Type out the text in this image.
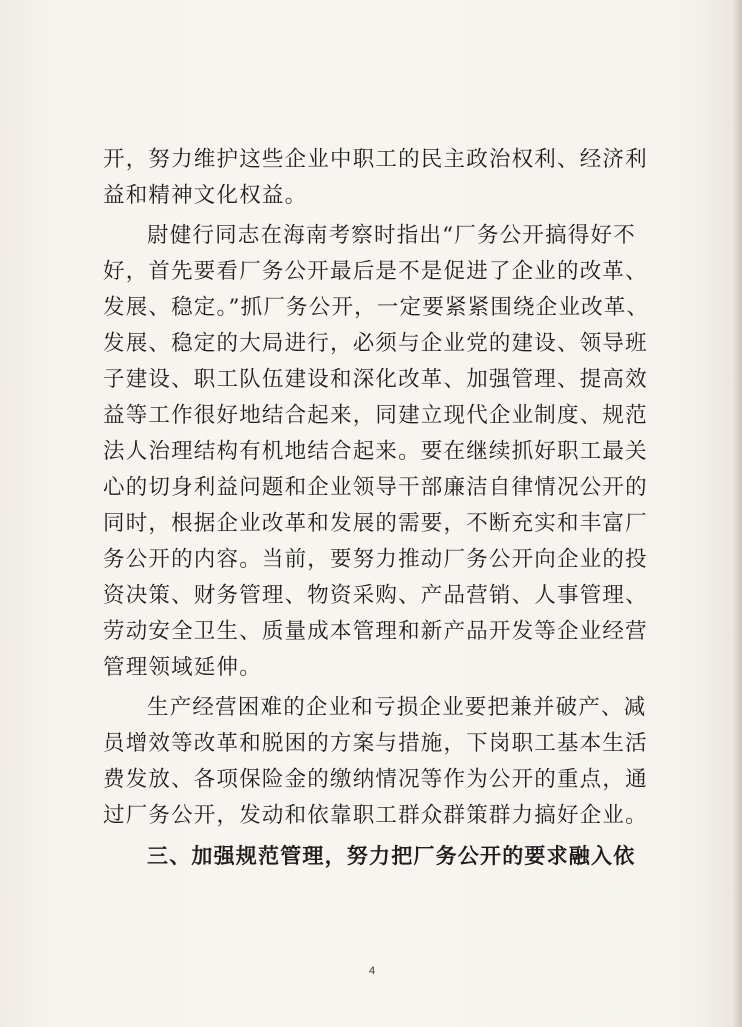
开，努力维护这些企业中职工的民主政治权利、经济利
益和精神文化权益。
尉健行同志在海南考察时指出“厂务公开搞得好不
好，首先要看厂务公开最后是不是促进了企业的改革、
发展、稳定。”抓厂务公开，一定要紧紧围绕企业改革、
发展、稳定的大局进行，必须与企业党的建设、领导班
子建设、职工队伍建设和深化改革、加强管理、提高效
益等工作很好地结合起来，同建立现代企业制度、规范
法人治理结构有机地结合起来。要在继续抓好职工最关
心的切身利益问题和企业领导干部廉洁自律情况公开的
同时，根据企业改革和发展的需要，不断充实和丰富厂
务公开的内容。当前，要努力推动厂务公开向企业的投
资决策、财务管理、物资采购、产品营销、人事管理、
劳动安全卫生、质量成本管理和新产品开发等企业经营
管理领域延伸。
生产经营困难的企业和亏损企业要把兼并破产、减
员增效等改革和脱困的方案与措施，下岗职工基本生活
费发放、各项保险金的缴纳情况等作为公开的重点，通
过厂务公开，发动和依靠职工群众群策群力搞好企业。
三、加强规范管理，努力把厂务公开的要求融入依
4
